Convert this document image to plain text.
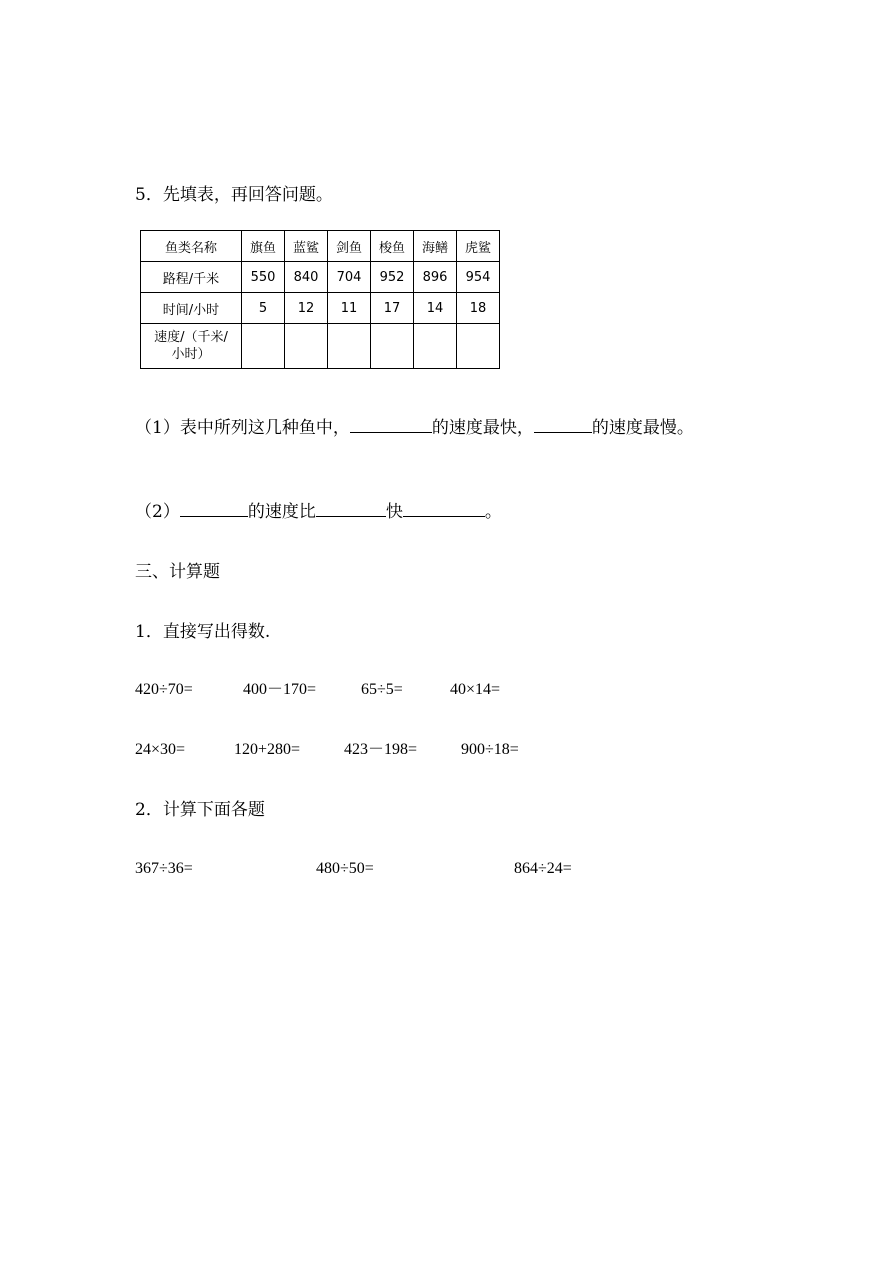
5．先填表，再回答问题。
鱼类名称	旗鱼	蓝鲨	剑鱼	梭鱼	海鳝	虎鲨
路程/千米	550	840	704	952	896	954
时间/小时	5	12	11	17	14	18
速度/（千米/
小时）						
（1）表中所列这几种鱼中，	的速度最快，	的速度最慢。
（2）	的速度比	快	。
三、计算题
1．直接写出得数.
420÷70=	400－170=	65÷5=	40×14=
24×30=	120+280=	423－198=	900÷18=
2．计算下面各题
367÷36=	480÷50=	864÷24=
